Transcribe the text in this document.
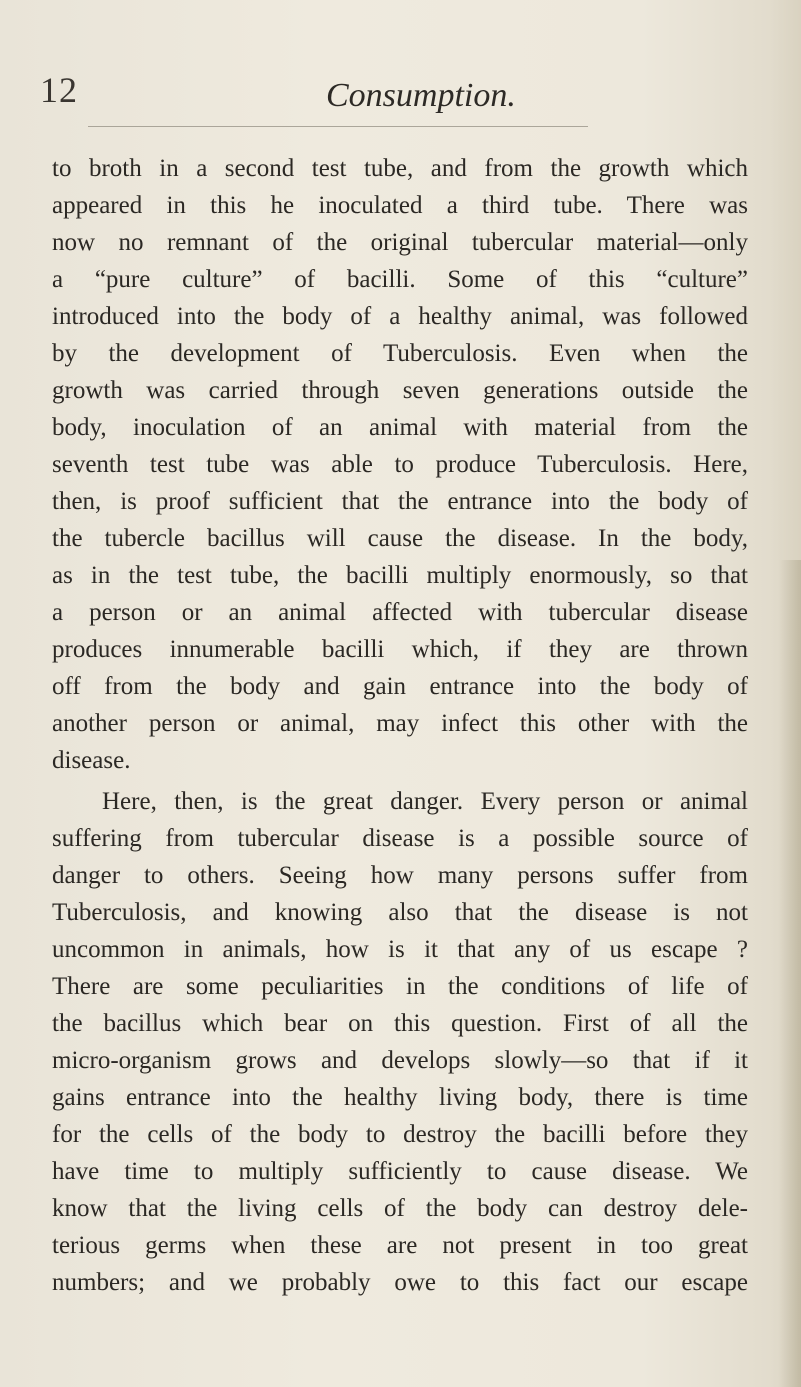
12	Consumption.
to broth in a second test tube, and from the growth which
appeared in this he inoculated a third tube. There was
now no remnant of the original tubercular material—only
a “pure culture” of bacilli. Some of this “culture”
introduced into the body of a healthy animal, was followed
by the development of Tuberculosis. Even when the
growth was carried through seven generations outside the
body, inoculation of an animal with material from the
seventh test tube was able to produce Tuberculosis. Here,
then, is proof sufficient that the entrance into the body of
the tubercle bacillus will cause the disease. In the body,
as in the test tube, the bacilli multiply enormously, so that
a person or an animal affected with tubercular disease
produces innumerable bacilli which, if they are thrown
off from the body and gain entrance into the body of
another person or animal, may infect this other with the
disease.
Here, then, is the great danger. Every person or animal
suffering from tubercular disease is a possible source of
danger to others. Seeing how many persons suffer from
Tuberculosis, and knowing also that the disease is not
uncommon in animals, how is it that any of us escape ?
There are some peculiarities in the conditions of life of
the bacillus which bear on this question. First of all the
micro-organism grows and develops slowly—so that if it
gains entrance into the healthy living body, there is time
for the cells of the body to destroy the bacilli before they
have time to multiply sufficiently to cause disease. We
know that the living cells of the body can destroy dele-
terious germs when these are not present in too great
numbers; and we probably owe to this fact our escape
